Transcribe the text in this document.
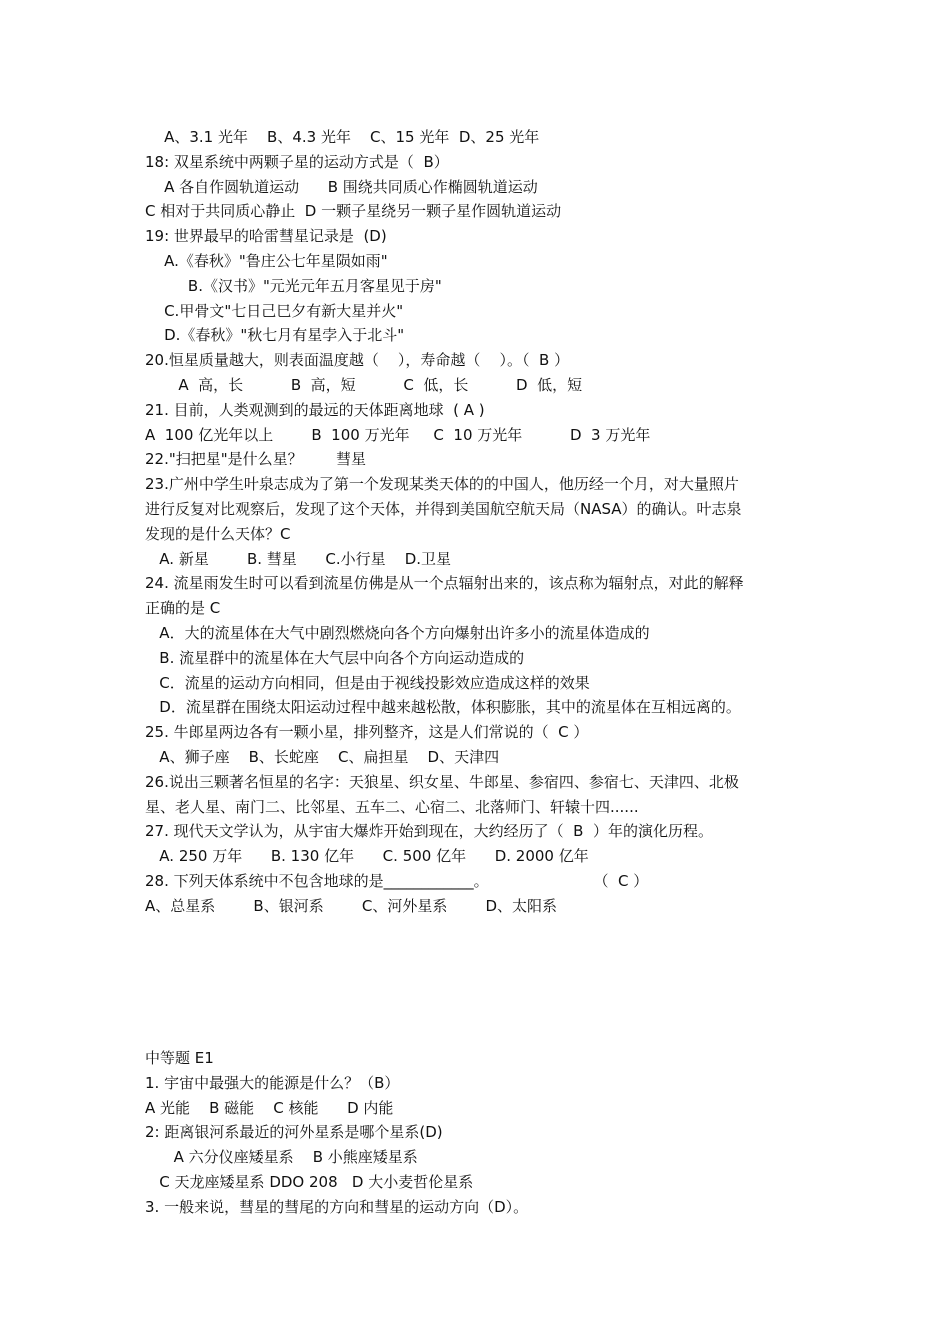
A、3.1 光年    B、4.3 光年    C、15 光年  D、25 光年
18: 双星系统中两颗子星的运动方式是（  B）
A 各自作圆轨道运动      B 围绕共同质心作椭圆轨道运动
C 相对于共同质心静止  D 一颗子星绕另一颗子星作圆轨道运动
19: 世界最早的哈雷彗星记录是  (D)
A.《春秋》"鲁庄公七年星陨如雨"
B.《汉书》"元光元年五月客星见于房"
C.甲骨文"七日己巳夕有新大星并火"
D.《春秋》"秋七月有星孛入于北斗"
20.恒星质量越大，则表面温度越（    ），寿命越（    ）。（  B ）
A  高，长          B  高，短          C  低，长          D  低，短
21. 目前，人类观测到的最远的天体距离地球  ( A )
A  100 亿光年以上        B  100 万光年     C  10 万光年          D  3 万光年
22."扫把星"是什么星？       彗星
23.广州中学生叶泉志成为了第一个发现某类天体的的中国人，他历经一个月，对大量照片
进行反复对比观察后，发现了这个天体，并得到美国航空航天局（NASA）的确认。叶志泉
发现的是什么天体？C
A. 新星        B. 彗星      C.小行星    D.卫星
24. 流星雨发生时可以看到流星仿佛是从一个点辐射出来的，该点称为辐射点，对此的解释
正确的是 C
A．大的流星体在大气中剧烈燃烧向各个方向爆射出许多小的流星体造成的
B. 流星群中的流星体在大气层中向各个方向运动造成的
C．流星的运动方向相同，但是由于视线投影效应造成这样的效果
D．流星群在围绕太阳运动过程中越来越松散，体积膨胀，其中的流星体在互相远离的。
25. 牛郎星两边各有一颗小星，排列整齐，这是人们常说的（  C ）
A、狮子座    B、长蛇座    C、扁担星    D、天津四
26.说出三颗著名恒星的名字：天狼星、织女星、牛郎星、参宿四、参宿七、天津四、北极
星、老人星、南门二、比邻星、五车二、心宿二、北落师门、轩辕十四......
27. 现代天文学认为，从宇宙大爆炸开始到现在，大约经历了（  B  ）年的演化历程。
A. 250 万年      B. 130 亿年      C. 500 亿年      D. 2000 亿年
28. 下列天体系统中不包含地球的是____________。                      （  C ）
A、总星系        B、银河系        C、河外星系        D、太阳系
中等题 E1
1. 宇宙中最强大的能源是什么？（B）
A 光能    B 磁能    C 核能      D 内能
2: 距离银河系最近的河外星系是哪个星系(D)
A 六分仪座矮星系    B 小熊座矮星系
C 天龙座矮星系 DDO 208   D 大小麦哲伦星系
3. 一般来说，彗星的彗尾的方向和彗星的运动方向（D）。
